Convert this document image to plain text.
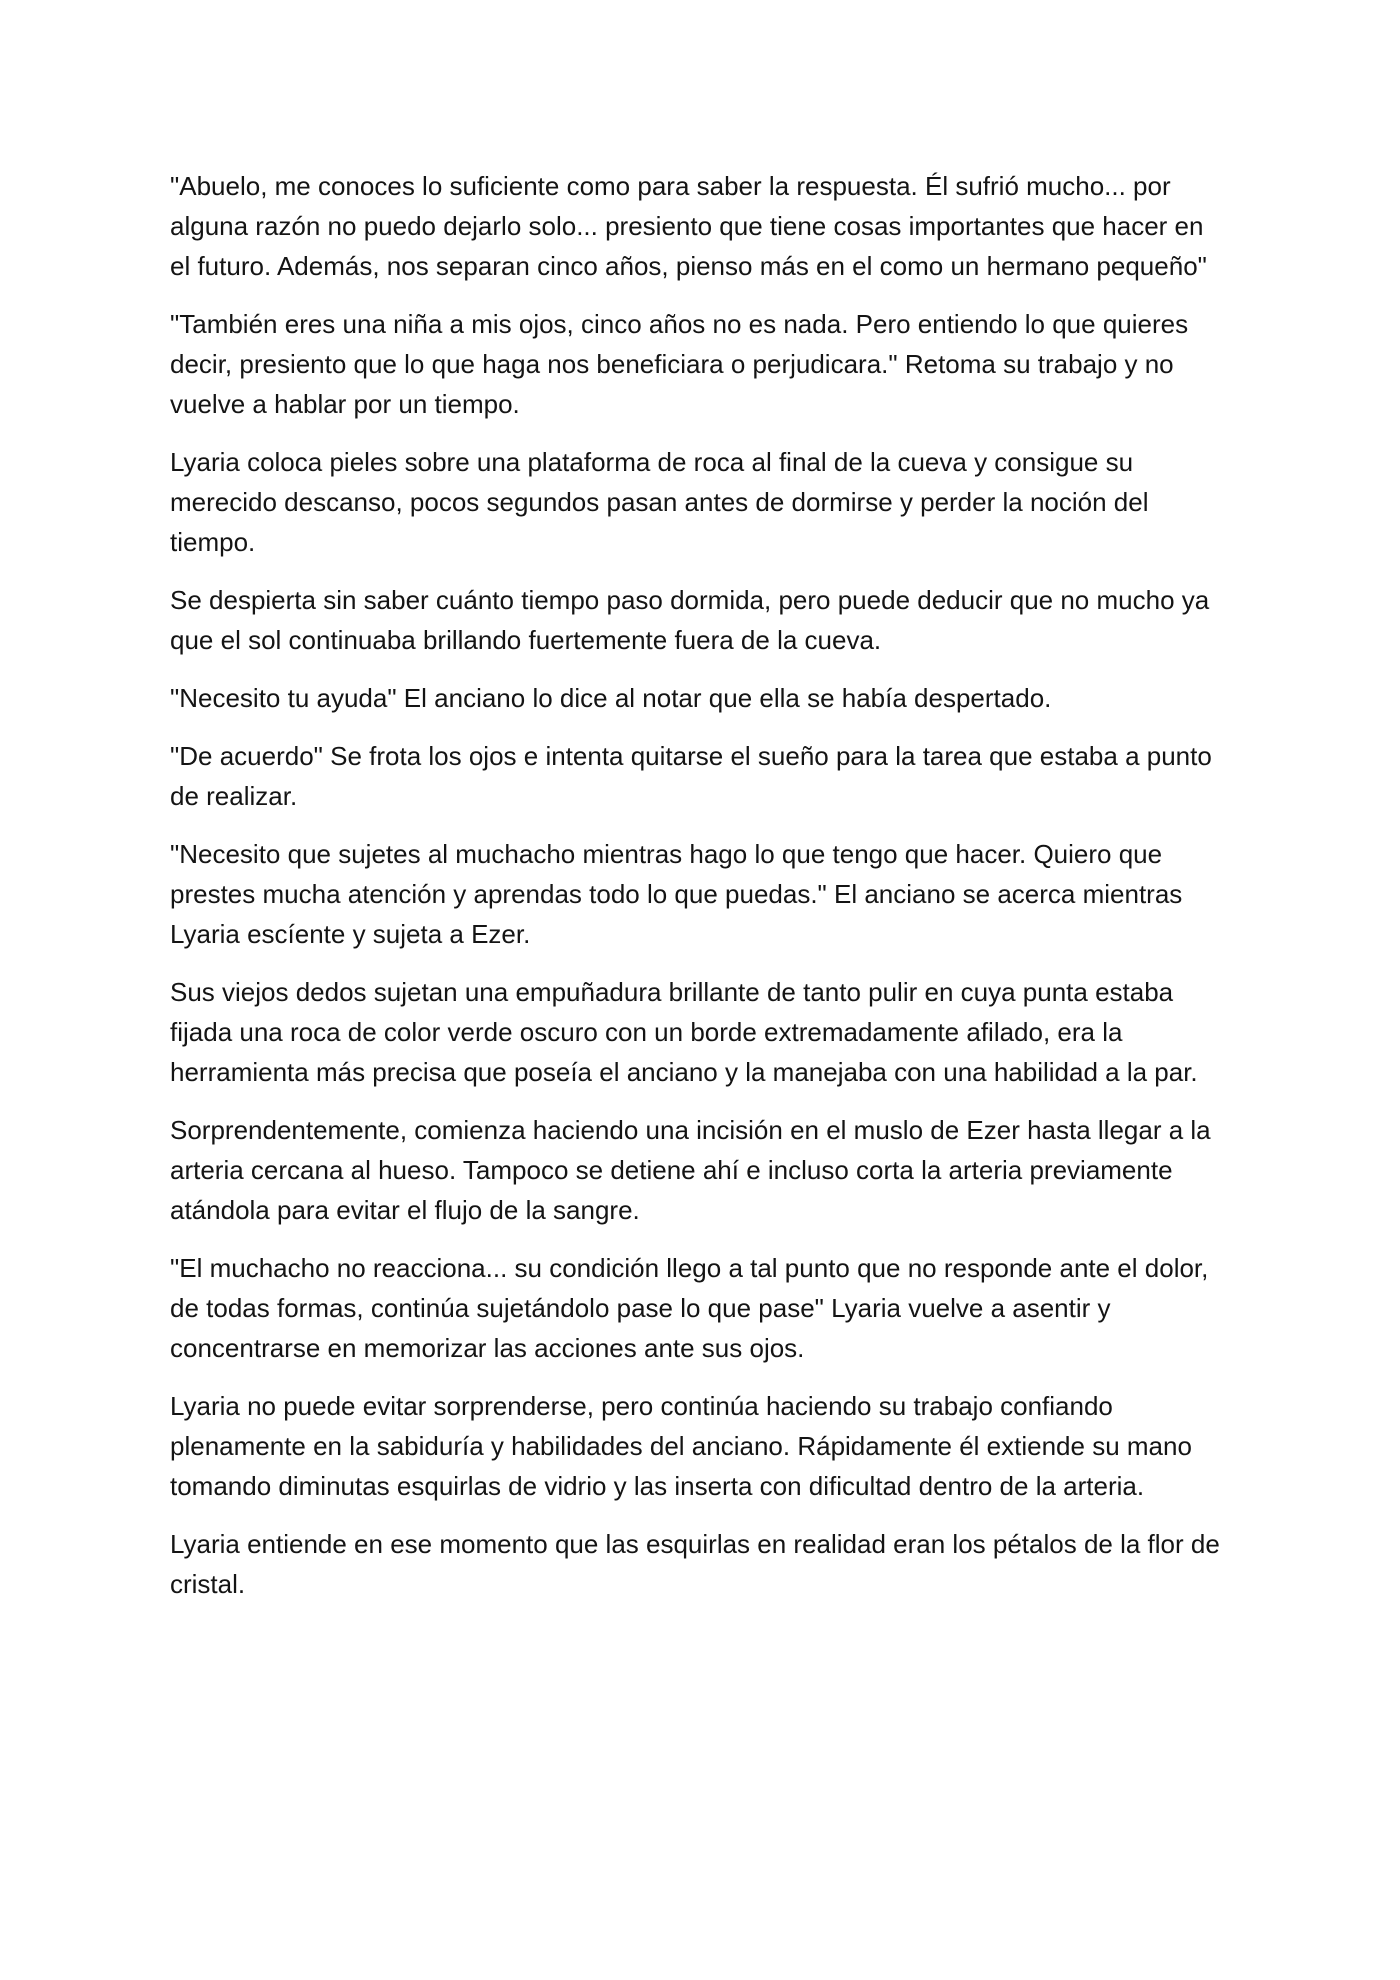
"Abuelo, me conoces lo suficiente como para saber la respuesta. Él sufrió mucho... por alguna razón no puedo dejarlo solo... presiento que tiene cosas importantes que hacer en el futuro. Además, nos separan cinco años, pienso más en el como un hermano pequeño"

"También eres una niña a mis ojos, cinco años no es nada. Pero entiendo lo que quieres decir, presiento que lo que haga nos beneficiara o perjudicara." Retoma su trabajo y no vuelve a hablar por un tiempo.

Lyaria coloca pieles sobre una plataforma de roca al final de la cueva y consigue su merecido descanso, pocos segundos pasan antes de dormirse y perder la noción del tiempo.

Se despierta sin saber cuánto tiempo paso dormida, pero puede deducir que no mucho ya que el sol continuaba brillando fuertemente fuera de la cueva.

"Necesito tu ayuda" El anciano lo dice al notar que ella se había despertado.

"De acuerdo" Se frota los ojos e intenta quitarse el sueño para la tarea que estaba a punto de realizar.

"Necesito que sujetes al muchacho mientras hago lo que tengo que hacer. Quiero que prestes mucha atención y aprendas todo lo que puedas." El anciano se acerca mientras Lyaria escíente y sujeta a Ezer.

Sus viejos dedos sujetan una empuñadura brillante de tanto pulir en cuya punta estaba fijada una roca de color verde oscuro con un borde extremadamente afilado, era la herramienta más precisa que poseía el anciano y la manejaba con una habilidad a la par.

Sorprendentemente, comienza haciendo una incisión en el muslo de Ezer hasta llegar a la arteria cercana al hueso. Tampoco se detiene ahí e incluso corta la arteria previamente atándola para evitar el flujo de la sangre.

"El muchacho no reacciona... su condición llego a tal punto que no responde ante el dolor, de todas formas, continúa sujetándolo pase lo que pase" Lyaria vuelve a asentir y concentrarse en memorizar las acciones ante sus ojos.

Lyaria no puede evitar sorprenderse, pero continúa haciendo su trabajo confiando plenamente en la sabiduría y habilidades del anciano. Rápidamente él extiende su mano tomando diminutas esquirlas de vidrio y las inserta con dificultad dentro de la arteria.

Lyaria entiende en ese momento que las esquirlas en realidad eran los pétalos de la flor de cristal.
